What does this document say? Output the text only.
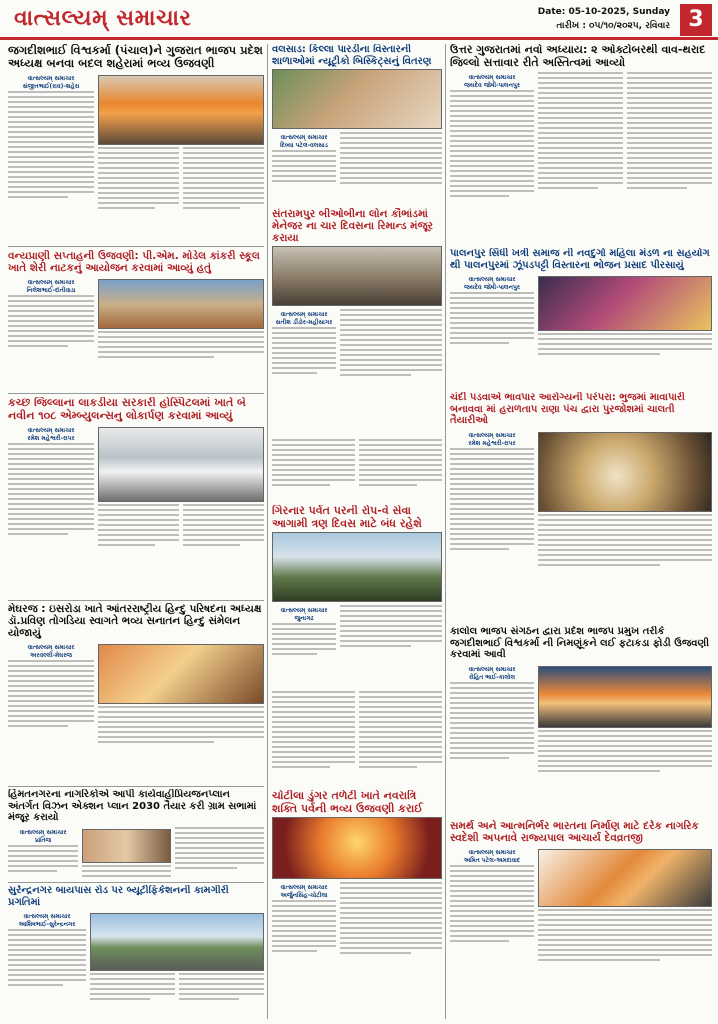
વાત્સલ્યમ્ સમાચાર	Date: 05-10-2025, Sunday
તારીખ : ૦૫/૧૦/૨૦૨૫, રવિવાર 3
જગદીશભાઈ વિશ્વકર્મા (પંચાલ)ને ગુજરાત ભાજપ પ્રદેશ અધ્યક્ષ બનવા બદલ શહેરામાં ભવ્ય ઉજવણી
વાત્સલ્યમ્ સમાચાર
સંજીતભાઈ(રાવ)-શહેરા
વલસાડ: કિલ્લા પારડીના વિસ્તારની શાળાઓમાં ન્યૂટ્રીકો બિસ્કિટ્સનું વિતરણ
વાત્સલ્યમ્ સમાચાર
દિવ્યા પટેલ-વલસાડ
ઉત્તર ગુજરાતમાં નવો અધ્યાય: ૨ ઓક્ટોબરથી વાવ-થરાદ જિલ્લો સત્તાવાર રીતે અસ્તિત્વમાં આવ્યો
વાત્સલ્યમ્ સમાચાર
જયદેવ જોષી-પાલનપુર
વન્યપ્રાણી સપ્તાહની ઉજવણી: પી.એમ. મોડેલ કાંકરી સ્કૂલ ખાતે શેરી નાટકનું આયોજન કરવામાં આવ્યું હતું
વાત્સલ્યમ્ સમાચાર
નિલેશભાઈ-દાંતીવાડા
સંતરામપુર બીઓબીના લોન કૌભાંડમાં મેનેજર ના ચાર દિવસના રિમાન્ડ મંજૂર કરાયા
વાત્સલ્યમ્ સમાચાર
સતીશ ડીંડોર-મહીસાગર
પાલનપુર સિંધી ખત્રી સમાજ ની નવદુર્ગા મહિલા મંડળ ના સહયોગ થી પાલનપુરમાં ઝૂંપડપટ્ટી વિસ્તારના ભોજન પ્રસાદ પીરસાયું
વાત્સલ્યમ્ સમાચાર
જયદેવ જોષી-પાલનપુર
કચ્છ જિલ્લાના લાકડીયા સરકારી હોસ્પિટલમાં ખાતે બે નવીન ૧૦૮ એમ્બ્યુલન્સનુ લોકાર્પણ કરવામાં આવ્યું
વાત્સલ્યમ્ સમાચાર
રમેશ મહેશ્વરી-રાપર
ચંદી પડવાએ ભાવપાર આરોગ્યની પરંપરા: ભુજમાં માવાપારી બનાવવા માં હરાળતાપ રાણા પંચ દ્વારા પુરજોશમાં ચાલતી તૈયારીઓ
વાત્સલ્યમ્ સમાચાર
રમેશ મહેશ્વરી-રાપર
ગિરનાર પર્વત પરની રોપ-વે સેવા આગામી ત્રણ દિવસ માટે બંધ રહેશે
વાત્સલ્યમ્ સમાચાર
જુનાગઢ
મેઘરજ : ઇસરોડા ખાતે આંતરરાષ્ટ્રીય હિન્દુ પરિષદના અધ્યક્ષ ડૉ.પ્રવિણ તોગડિયા સ્વાગતે ભવ્ય સનાતન હિન્દુ સંમેલન યોજાયું
વાત્સલ્યમ્ સમાચાર
અરવલ્લી-મેઘરજ
કાલોલ ભાજપ સંગઠન દ્વારા પ્રદેશ ભાજપ પ્રમુખ તરીકે જગદીશભાઈ વિશ્વકર્મા ની નિમણૂંકને લઈ ફટાકડા ફોડી ઉજવણી કરવામાં આવી
વાત્સલ્યમ્ સમાચાર
રોહિત ભાઈ-કાલોલ
હિંમતનગરના નાગરિકોએ આપી કાર્યવાહીપ્રિયજનપ્લાન અંતર્ગત વિઝન એક્શન પ્લાન 2030 તૈયાર કરી ગ્રામ સભામાં મંજૂર કરાયો
વાત્સલ્યમ્ સમાચાર
પ્રાંતિજ
ચોટીલા ડુંગર તળેટી ખાતે નવરાત્રિ શક્તિ પર્વની ભવ્ય ઉજવણી કરાઈ
વાત્સલ્યમ્ સમાચાર
અર્જુનસિંહ-ચોટીલા
સમર્થ અને આત્મનિર્ભર ભારતના નિર્માણ માટે દરેક નાગરિક સ્વદેશી અપનાવે રાજ્યપાલ આચાર્ય દેવવ્રતજી
વાત્સલ્યમ્ સમાચાર
અમિત પટેલ-અમદાવાદ
સુરેન્દ્રનગર બાયપાસ રોડ પર બ્યૂટીફિકેશનની કામગીરી પ્રગતિમાં
વાત્સલ્યમ્ સમાચાર
આશિષભાઈ-સુરેન્દ્રનગર
